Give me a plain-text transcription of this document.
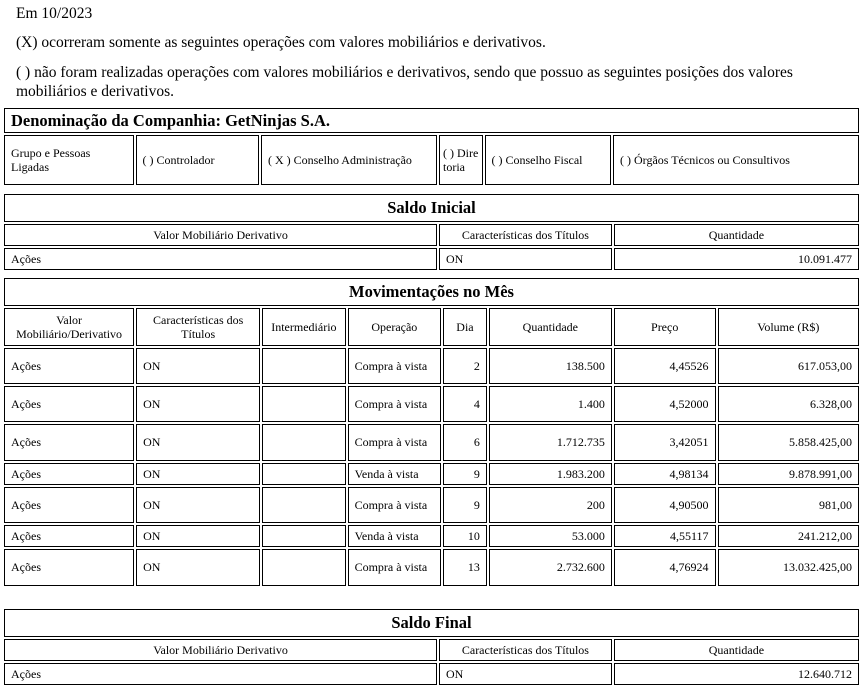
Em 10/2023

(X) ocorreram somente as seguintes operações com valores mobiliários e derivativos.

( ) não foram realizadas operações com valores mobiliários e derivativos, sendo que possuo as seguintes posições dos valores mobiliários e derivativos.

Denominação da Companhia: GetNinjas S.A.
Grupo e Pessoas Ligadas	( ) Controlador	( X ) Conselho Administração	( ) Diretoria	( ) Conselho Fiscal	( ) Órgãos Técnicos ou Consultivos
Saldo Inicial		
Valor Mobiliário Derivativo	Características dos Títulos	Quantidade
Ações	ON	10.091.477
Movimentações no Mês							
Valor Mobiliário/Derivativo	Características dos Títulos	Intermediário	Operação	Dia	Quantidade	Preço	Volume (R$)
Ações	ON		Compra à vista	2	138.500	4,45526	617.053,00
Ações	ON		Compra à vista	4	1.400	4,52000	6.328,00
Ações	ON		Compra à vista	6	1.712.735	3,42051	5.858.425,00
Ações	ON		Venda à vista	9	1.983.200	4,98134	9.878.991,00
Ações	ON		Compra à vista	9	200	4,90500	981,00
Ações	ON		Venda à vista	10	53.000	4,55117	241.212,00
Ações	ON		Compra à vista	13	2.732.600	4,76924	13.032.425,00
Saldo Final		
Valor Mobiliário Derivativo	Características dos Títulos	Quantidade
Ações	ON	12.640.712
